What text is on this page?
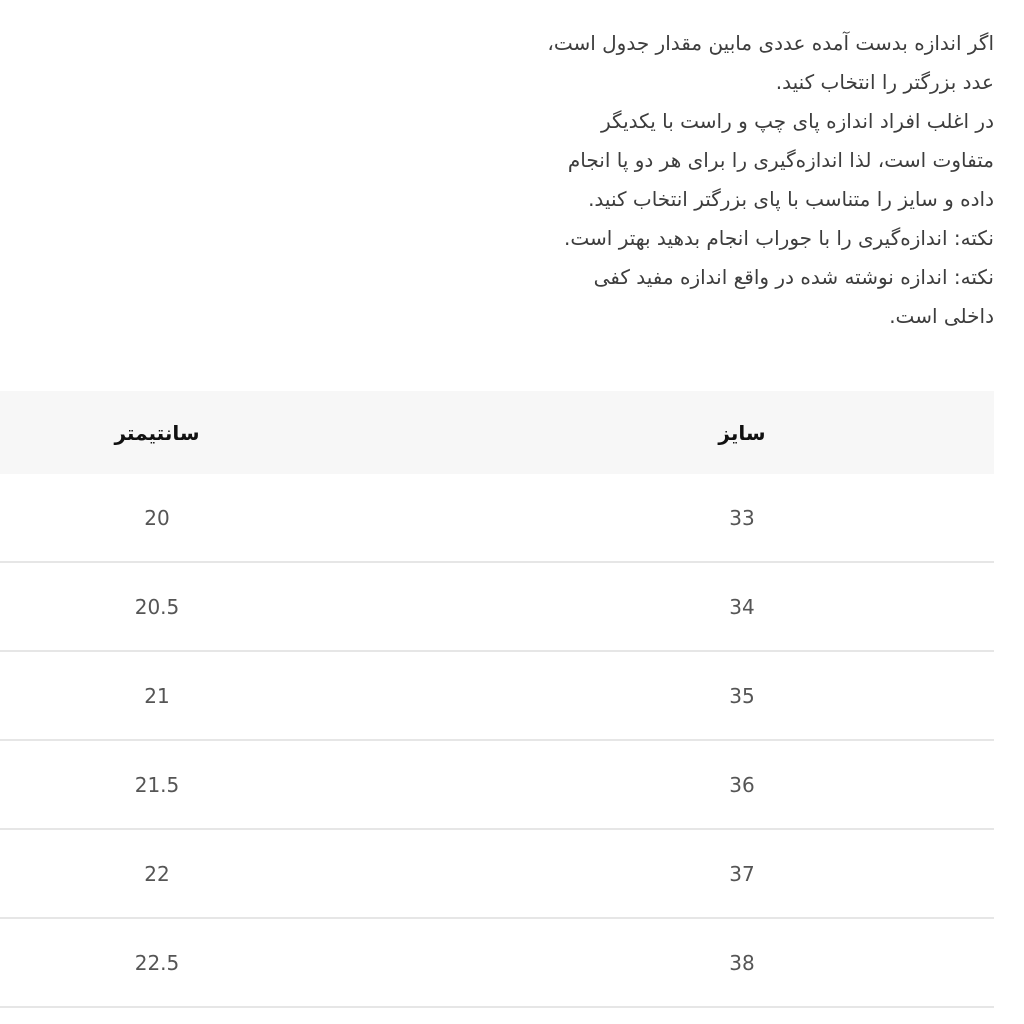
اگر اندازه بدست آمده عددی مابین مقدار جدول است،

عدد بزرگتر را انتخاب کنید.

در اغلب افراد اندازه پای چپ و راست با یکدیگر

متفاوت است، لذا اندازه‌گیری را برای هر دو پا انجام

داده و سایز را متناسب با پای بزرگتر انتخاب کنید.

نکته: اندازه‌گیری را با جوراب انجام بدهید بهتر است.

نکته: اندازه نوشته شده در واقع اندازه مفید کفی

داخلی است.

سایز	سانتیمتر
33	20
34	20.5
35	21
36	21.5
37	22
38	22.5
